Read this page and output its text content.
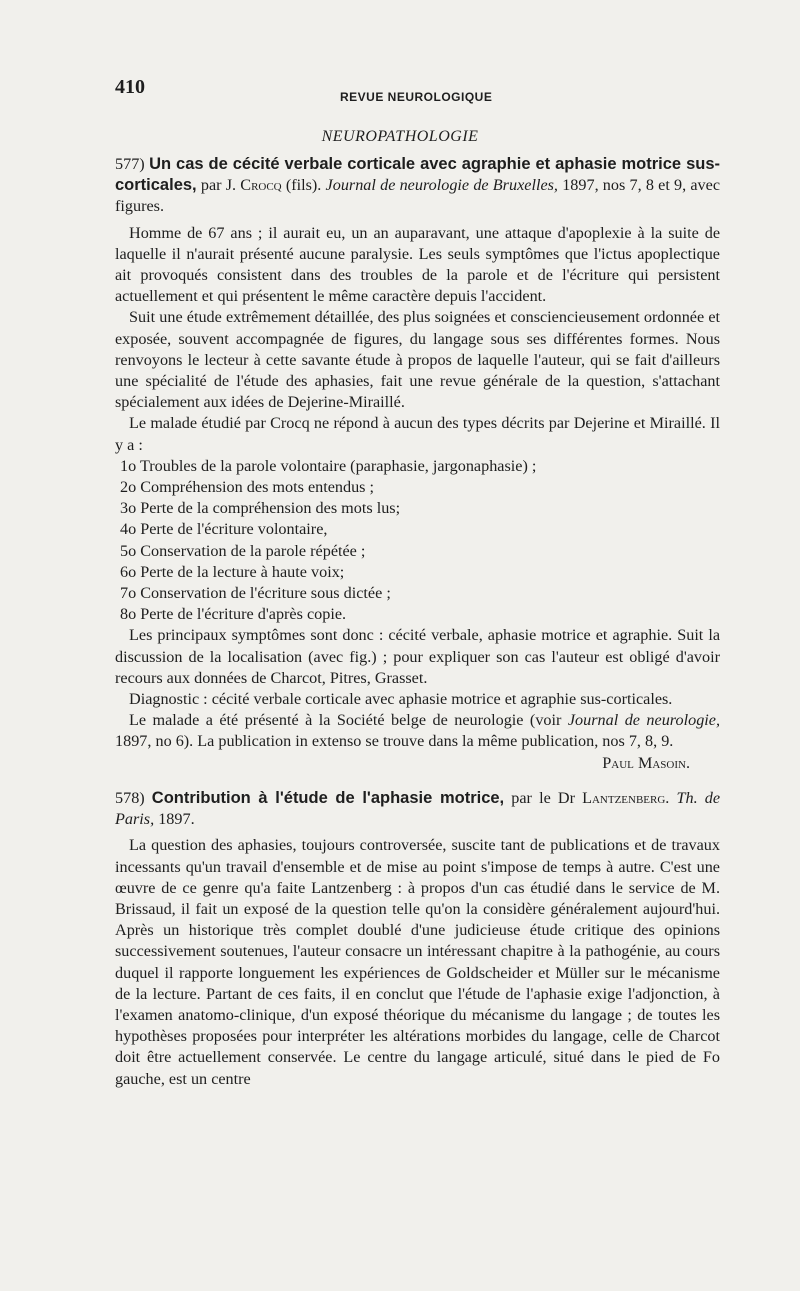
410	REVUE NEUROLOGIQUE
NEUROPATHOLOGIE

577) Un cas de cécité verbale corticale avec agraphie et aphasie motrice sus-corticales, par J. Crocq (fils). Journal de neurologie de Bruxelles, 1897, nos 7, 8 et 9, avec figures.

Homme de 67 ans ; il aurait eu, un an auparavant, une attaque d'apoplexie à la suite de laquelle il n'aurait présenté aucune paralysie. Les seuls symptômes que l'ictus apoplectique ait provoqués consistent dans des troubles de la parole et de l'écriture qui persistent actuellement et qui présentent le même caractère depuis l'accident.

Suit une étude extrêmement détaillée, des plus soignées et consciencieusement ordonnée et exposée, souvent accompagnée de figures, du langage sous ses différentes formes. Nous renvoyons le lecteur à cette savante étude à propos de laquelle l'auteur, qui se fait d'ailleurs une spécialité de l'étude des aphasies, fait une revue générale de la question, s'attachant spécialement aux idées de Dejerine-Miraillé.

Le malade étudié par Crocq ne répond à aucun des types décrits par Dejerine et Miraillé. Il y a :

1o Troubles de la parole volontaire (paraphasie, jargonaphasie) ;

2o Compréhension des mots entendus ;

3o Perte de la compréhension des mots lus;

4o Perte de l'écriture volontaire,

5o Conservation de la parole répétée ;

6o Perte de la lecture à haute voix;

7o Conservation de l'écriture sous dictée ;

8o Perte de l'écriture d'après copie.

Les principaux symptômes sont donc : cécité verbale, aphasie motrice et agraphie. Suit la discussion de la localisation (avec fig.) ; pour expliquer son cas l'auteur est obligé d'avoir recours aux données de Charcot, Pitres, Grasset.

Diagnostic : cécité verbale corticale avec aphasie motrice et agraphie sus-corticales.

Le malade a été présenté à la Société belge de neurologie (voir Journal de neurologie, 1897, no 6). La publication in extenso se trouve dans la même publication, nos 7, 8, 9.

Paul Masoin.

578) Contribution à l'étude de l'aphasie motrice, par le Dr Lantzenberg. Th. de Paris, 1897.

La question des aphasies, toujours controversée, suscite tant de publications et de travaux incessants qu'un travail d'ensemble et de mise au point s'impose de temps à autre. C'est une œuvre de ce genre qu'a faite Lantzenberg : à propos d'un cas étudié dans le service de M. Brissaud, il fait un exposé de la question telle qu'on la considère généralement aujourd'hui. Après un historique très complet doublé d'une judicieuse étude critique des opinions successivement soutenues, l'auteur consacre un intéressant chapitre à la pathogénie, au cours duquel il rapporte longuement les expériences de Goldscheider et Müller sur le mécanisme de la lecture. Partant de ces faits, il en conclut que l'étude de l'aphasie exige l'adjonction, à l'examen anatomo-clinique, d'un exposé théorique du mécanisme du langage ; de toutes les hypothèses proposées pour interpréter les altérations morbides du langage, celle de Charcot doit être actuellement conservée. Le centre du langage articulé, situé dans le pied de Fo gauche, est un centre
